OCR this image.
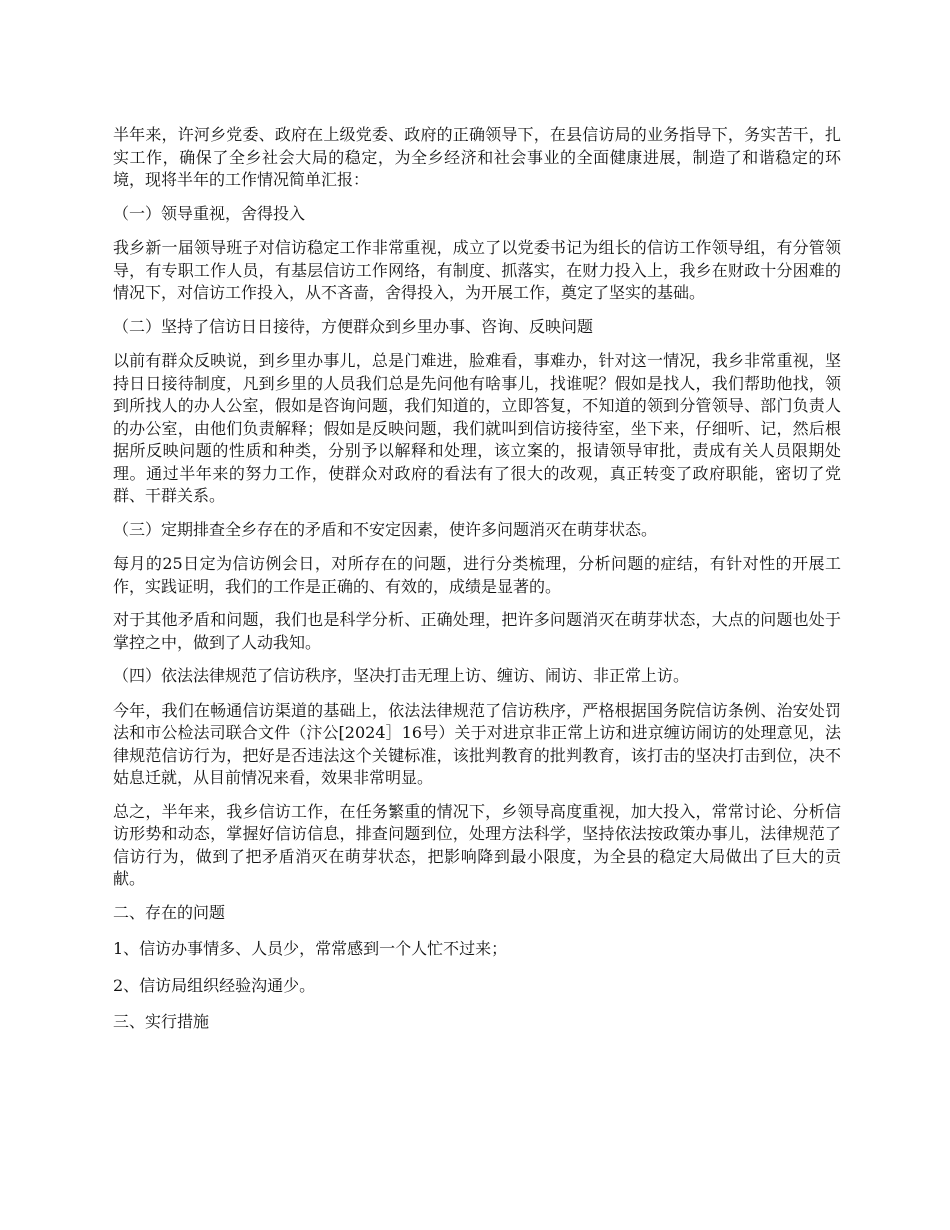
半年来，许河乡党委、政府在上级党委、政府的正确领导下，在县信访局的业务指导下，务实苦干，扎实工作，确保了全乡社会大局的稳定，为全乡经济和社会事业的全面健康进展，制造了和谐稳定的环境，现将半年的工作情况简单汇报：

（一）领导重视，舍得投入

我乡新一届领导班子对信访稳定工作非常重视，成立了以党委书记为组长的信访工作领导组，有分管领导，有专职工作人员，有基层信访工作网络，有制度、抓落实，在财力投入上，我乡在财政十分困难的情况下，对信访工作投入，从不吝啬，舍得投入，为开展工作，奠定了坚实的基础。

（二）坚持了信访日日接待，方便群众到乡里办事、咨询、反映问题

以前有群众反映说，到乡里办事儿，总是门难进，脸难看，事难办，针对这一情况，我乡非常重视，坚持日日接待制度，凡到乡里的人员我们总是先问他有啥事儿，找谁呢？假如是找人，我们帮助他找，领到所找人的办人公室，假如是咨询问题，我们知道的，立即答复，不知道的领到分管领导、部门负责人的办公室，由他们负责解释；假如是反映问题，我们就叫到信访接待室，坐下来，仔细听、记，然后根据所反映问题的性质和种类，分别予以解释和处理，该立案的，报请领导审批，责成有关人员限期处理。通过半年来的努力工作，使群众对政府的看法有了很大的改观，真正转变了政府职能，密切了党群、干群关系。

（三）定期排查全乡存在的矛盾和不安定因素，使许多问题消灭在萌芽状态。

每月的25日定为信访例会日，对所存在的问题，进行分类梳理，分析问题的症结，有针对性的开展工作，实践证明，我们的工作是正确的、有效的，成绩是显著的。

对于其他矛盾和问题，我们也是科学分析、正确处理，把许多问题消灭在萌芽状态，大点的问题也处于掌控之中，做到了人动我知。

（四）依法法律规范了信访秩序，坚决打击无理上访、缠访、闹访、非正常上访。

今年，我们在畅通信访渠道的基础上，依法法律规范了信访秩序，严格根据国务院信访条例、治安处罚法和市公检法司联合文件（汴公[2024］16号）关于对进京非正常上访和进京缠访闹访的处理意见，法律规范信访行为，把好是否违法这个关键标准，该批判教育的批判教育，该打击的坚决打击到位，决不姑息迁就，从目前情况来看，效果非常明显。

总之，半年来，我乡信访工作，在任务繁重的情况下，乡领导高度重视，加大投入，常常讨论、分析信访形势和动态，掌握好信访信息，排查问题到位，处理方法科学，坚持依法按政策办事儿，法律规范了信访行为，做到了把矛盾消灭在萌芽状态，把影响降到最小限度，为全县的稳定大局做出了巨大的贡献。

二、存在的问题

1、信访办事情多、人员少，常常感到一个人忙不过来；

2、信访局组织经验沟通少。

三、实行措施
